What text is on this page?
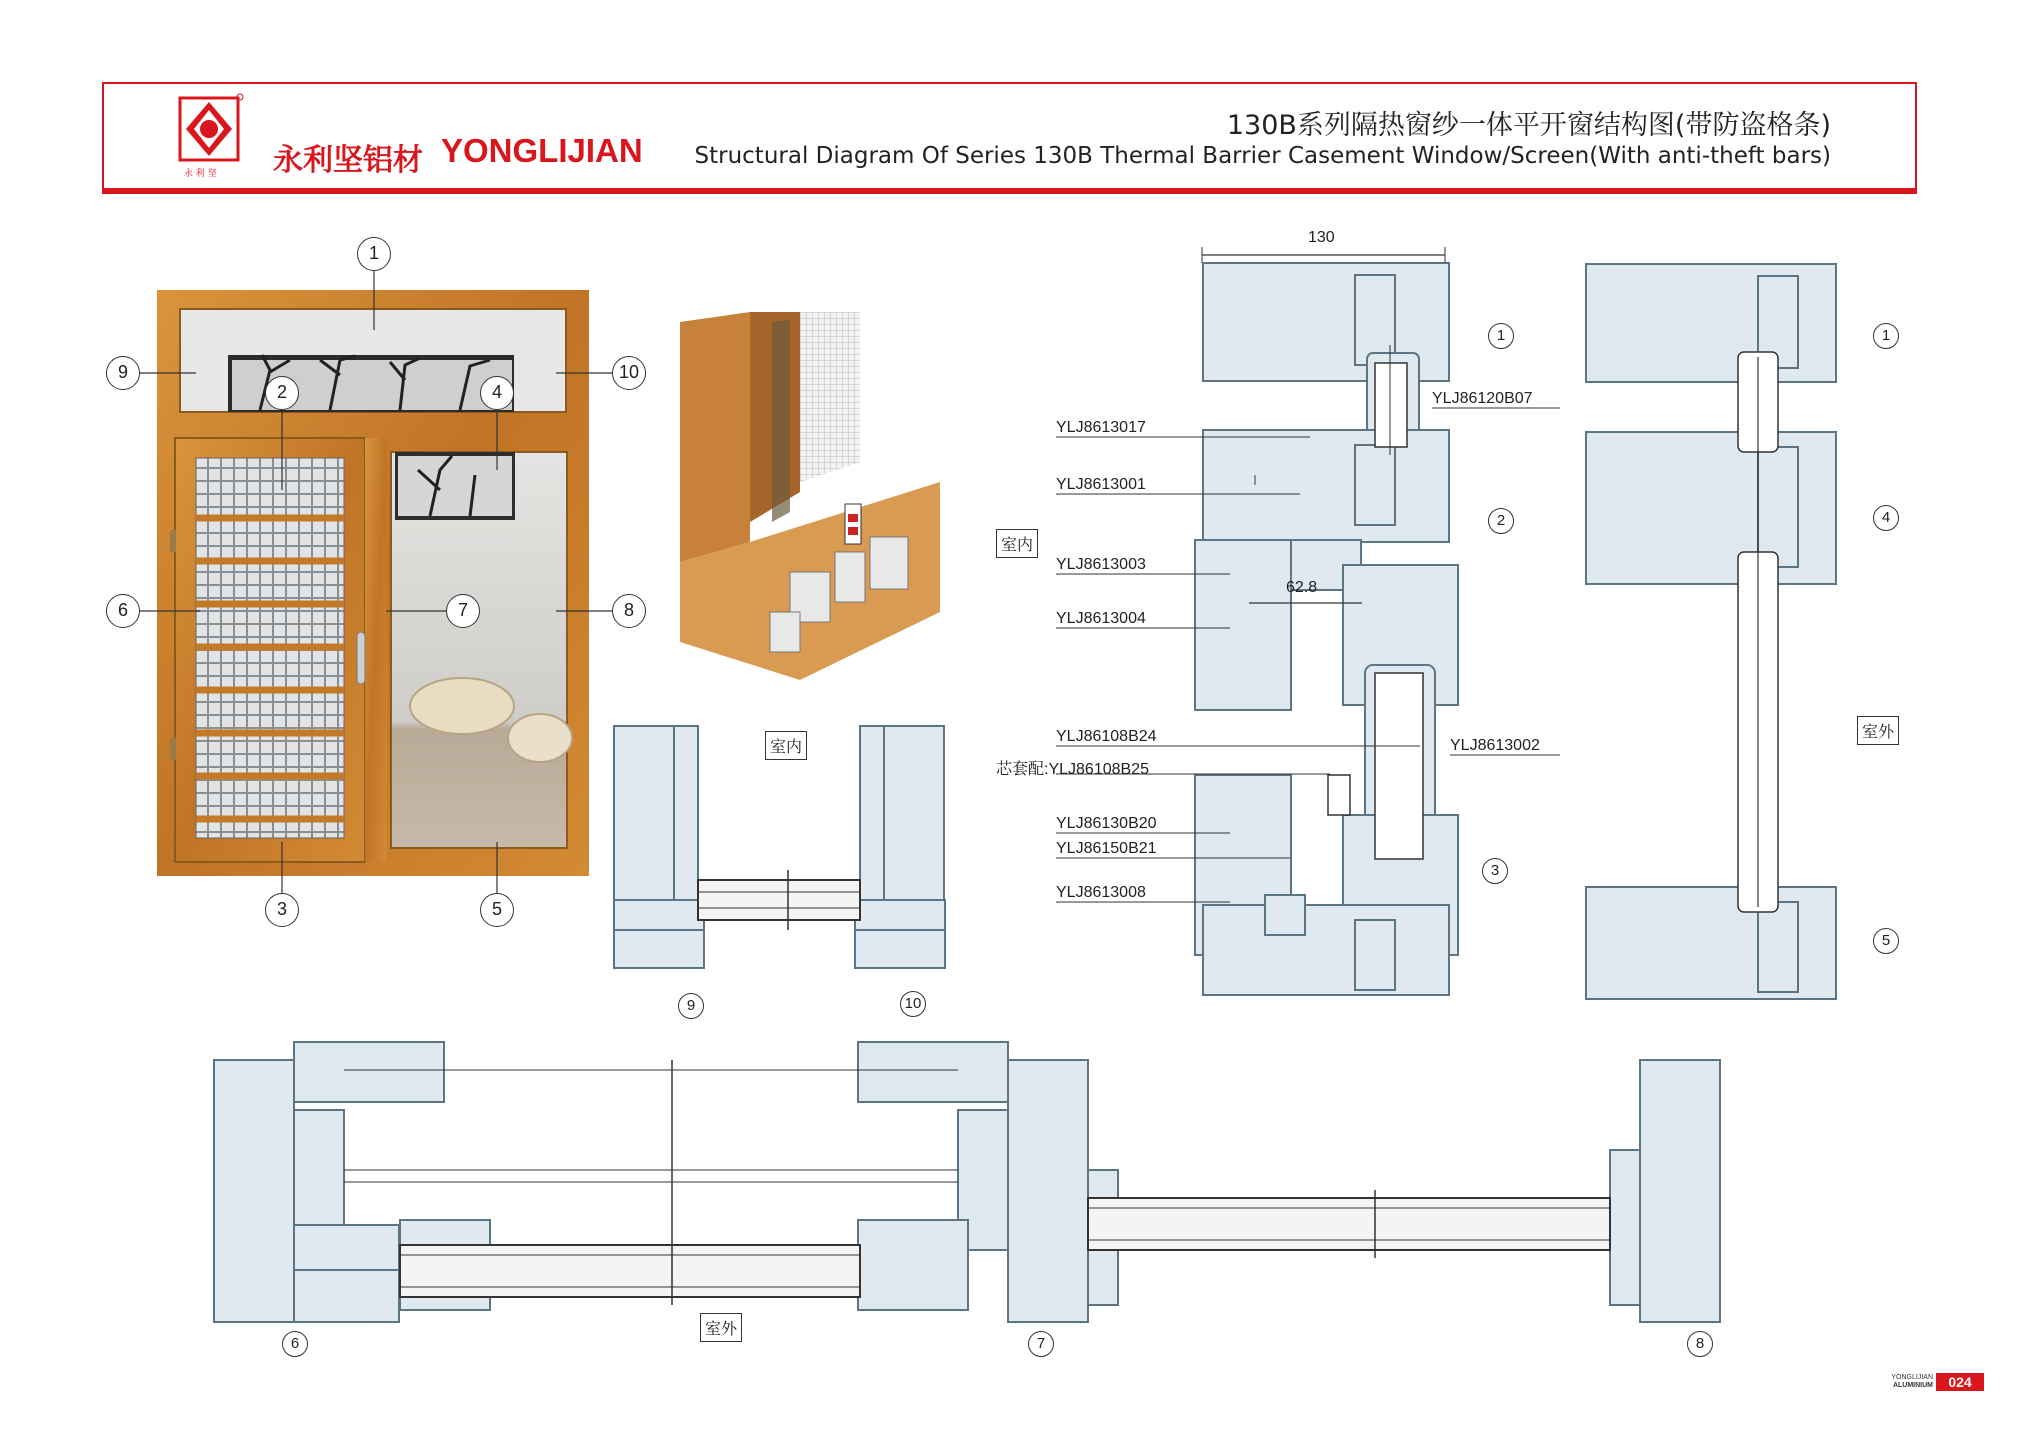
永 利 坚 永利坚铝材 YONGLIJIAN
130B系列隔热窗纱一体平开窗结构图(带防盗格条)
Structural Diagram Of Series 130B Thermal Barrier Casement Window/Screen(With anti-theft bars)
1
2
3
4
5
6	7	8
9	10
室内
9	10
130
62.8
室内
YLJ8613017
YLJ8613001
YLJ8613003
YLJ8613004
YLJ86108B24
芯套配:YLJ86108B25
YLJ86130B20
YLJ86150B21
YLJ8613008
YLJ86120B07
YLJ8613002
1
2
3
室外
1
4
5
室外
6	7	8
YONGLIJIAN
ALUMINIUM	024
